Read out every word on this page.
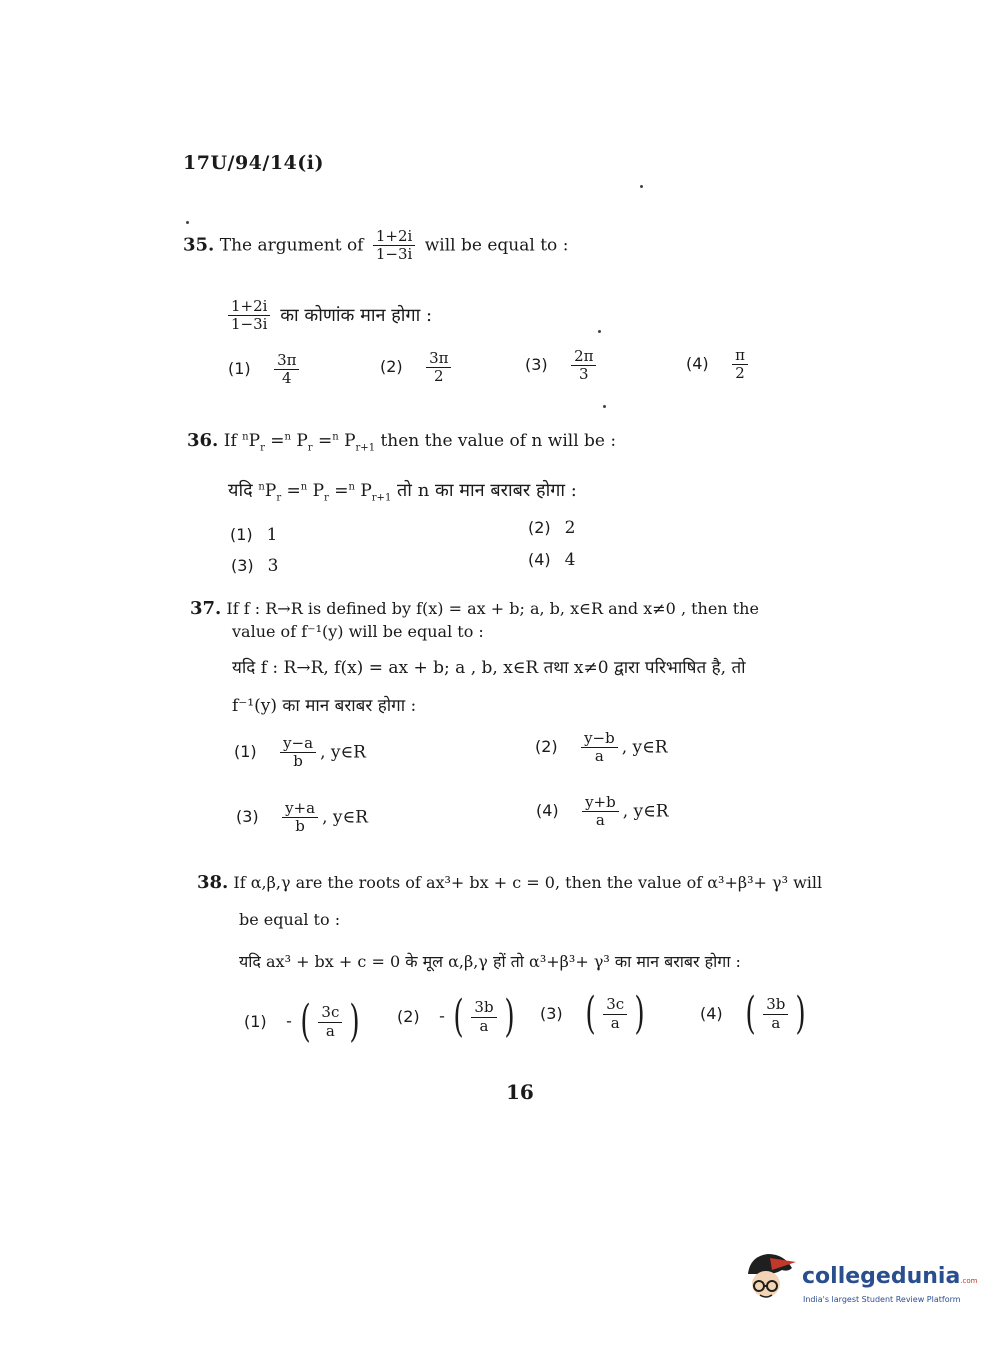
17U/94/14(i)
35. The argument of $\frac{1+2i}{1-3i}$ will be equal to :
$\frac{1+2i}{1-3i}$ का कोणांक मान होगा :
$(1) \frac{3\pi}{4}$	$(2) \frac{3\pi}{2}$	$(3) \frac{2\pi}{3}$	$(4) \frac{\pi}{2}$
36. If $^nP_r =^n$ $P_r =^n$ $P_{r+1}$ then the value of n will be :
यदि $^nP_r =^n$ $P_r =^n$ $P_{r+1}$ तो n का मान बराबर होगा :
(1) 1	(2) 2
(3) 3	(4) 4
37. If f : R→R is defined by f(x) = ax + b; a, b, x∈R and x≠0 , then the
value of f⁻¹(y) will be equal to :
यदि f : R→R, f(x) = ax + b; a , b, x∈R तथा x≠0 द्वारा परिभाषित है, तो
f⁻¹(y) का मान बराबर होगा :
$(1) \frac{y-a}{b}$ , y∈R	$(2) \frac{y-b}{a}$ , y∈R
$(3) \frac{y+a}{b}$ , y∈R	$(4) \frac{y+b}{a}$ , y∈R
38. If α,β,γ are the roots of ax³+ bx + c = 0, then the value of α³+β³+ γ³ will
be equal to :
यदि ax³ + bx + c = 0 के मूल α,β,γ हों तो α³+β³+ γ³ का मान बराबर होगा :
(1) - ( $\frac{3c}{a}$ ) (2) - ( $\frac{3b}{a}$ ) (3) ( $\frac{3c}{a}$ )	(4) ( $\frac{3b}{a}$ )
16
collegedunia.com
India's largest Student Review Platform
